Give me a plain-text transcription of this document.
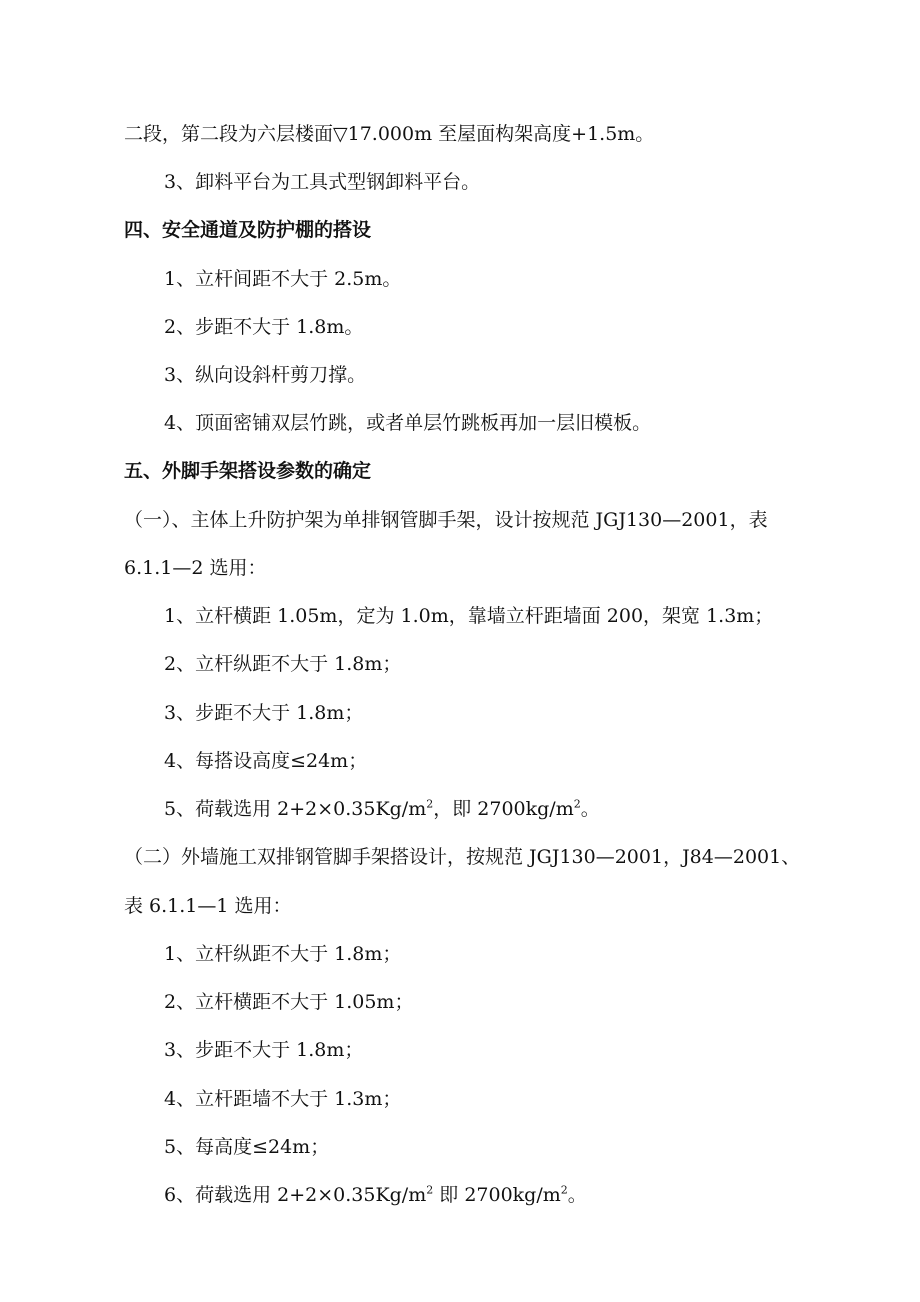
二段，第二段为六层楼面▽17.000m 至屋面构架高度+1.5m。
3、卸料平台为工具式型钢卸料平台。
四、安全通道及防护棚的搭设
1、立杆间距不大于 2.5m。
2、步距不大于 1.8m。
3、纵向设斜杆剪刀撑。
4、顶面密铺双层竹跳，或者单层竹跳板再加一层旧模板。
五、外脚手架搭设参数的确定
（一）、主体上升防护架为单排钢管脚手架，设计按规范 JGJ130—2001，表
6.1.1—2 选用：
1、立杆横距 1.05m，定为 1.0m，靠墙立杆距墙面 200，架宽 1.3m；
2、立杆纵距不大于 1.8m；
3、步距不大于 1.8m；
4、每搭设高度≤24m；
5、荷载选用 $2+2\times 0.35Kg/m^2$，即 $2700kg/m^2$。
（二）外墙施工双排钢管脚手架搭设计，按规范 JGJ130—2001，J84—2001、
表 6.1.1—1 选用：
1、立杆纵距不大于 1.8m；
2、立杆横距不大于 1.05m；
3、步距不大于 1.8m；
4、立杆距墙不大于 1.3m；
5、每高度≤24m；
6、荷载选用 $2+2\times 0.35Kg/m^2$ 即 $2700kg/m^2$。
